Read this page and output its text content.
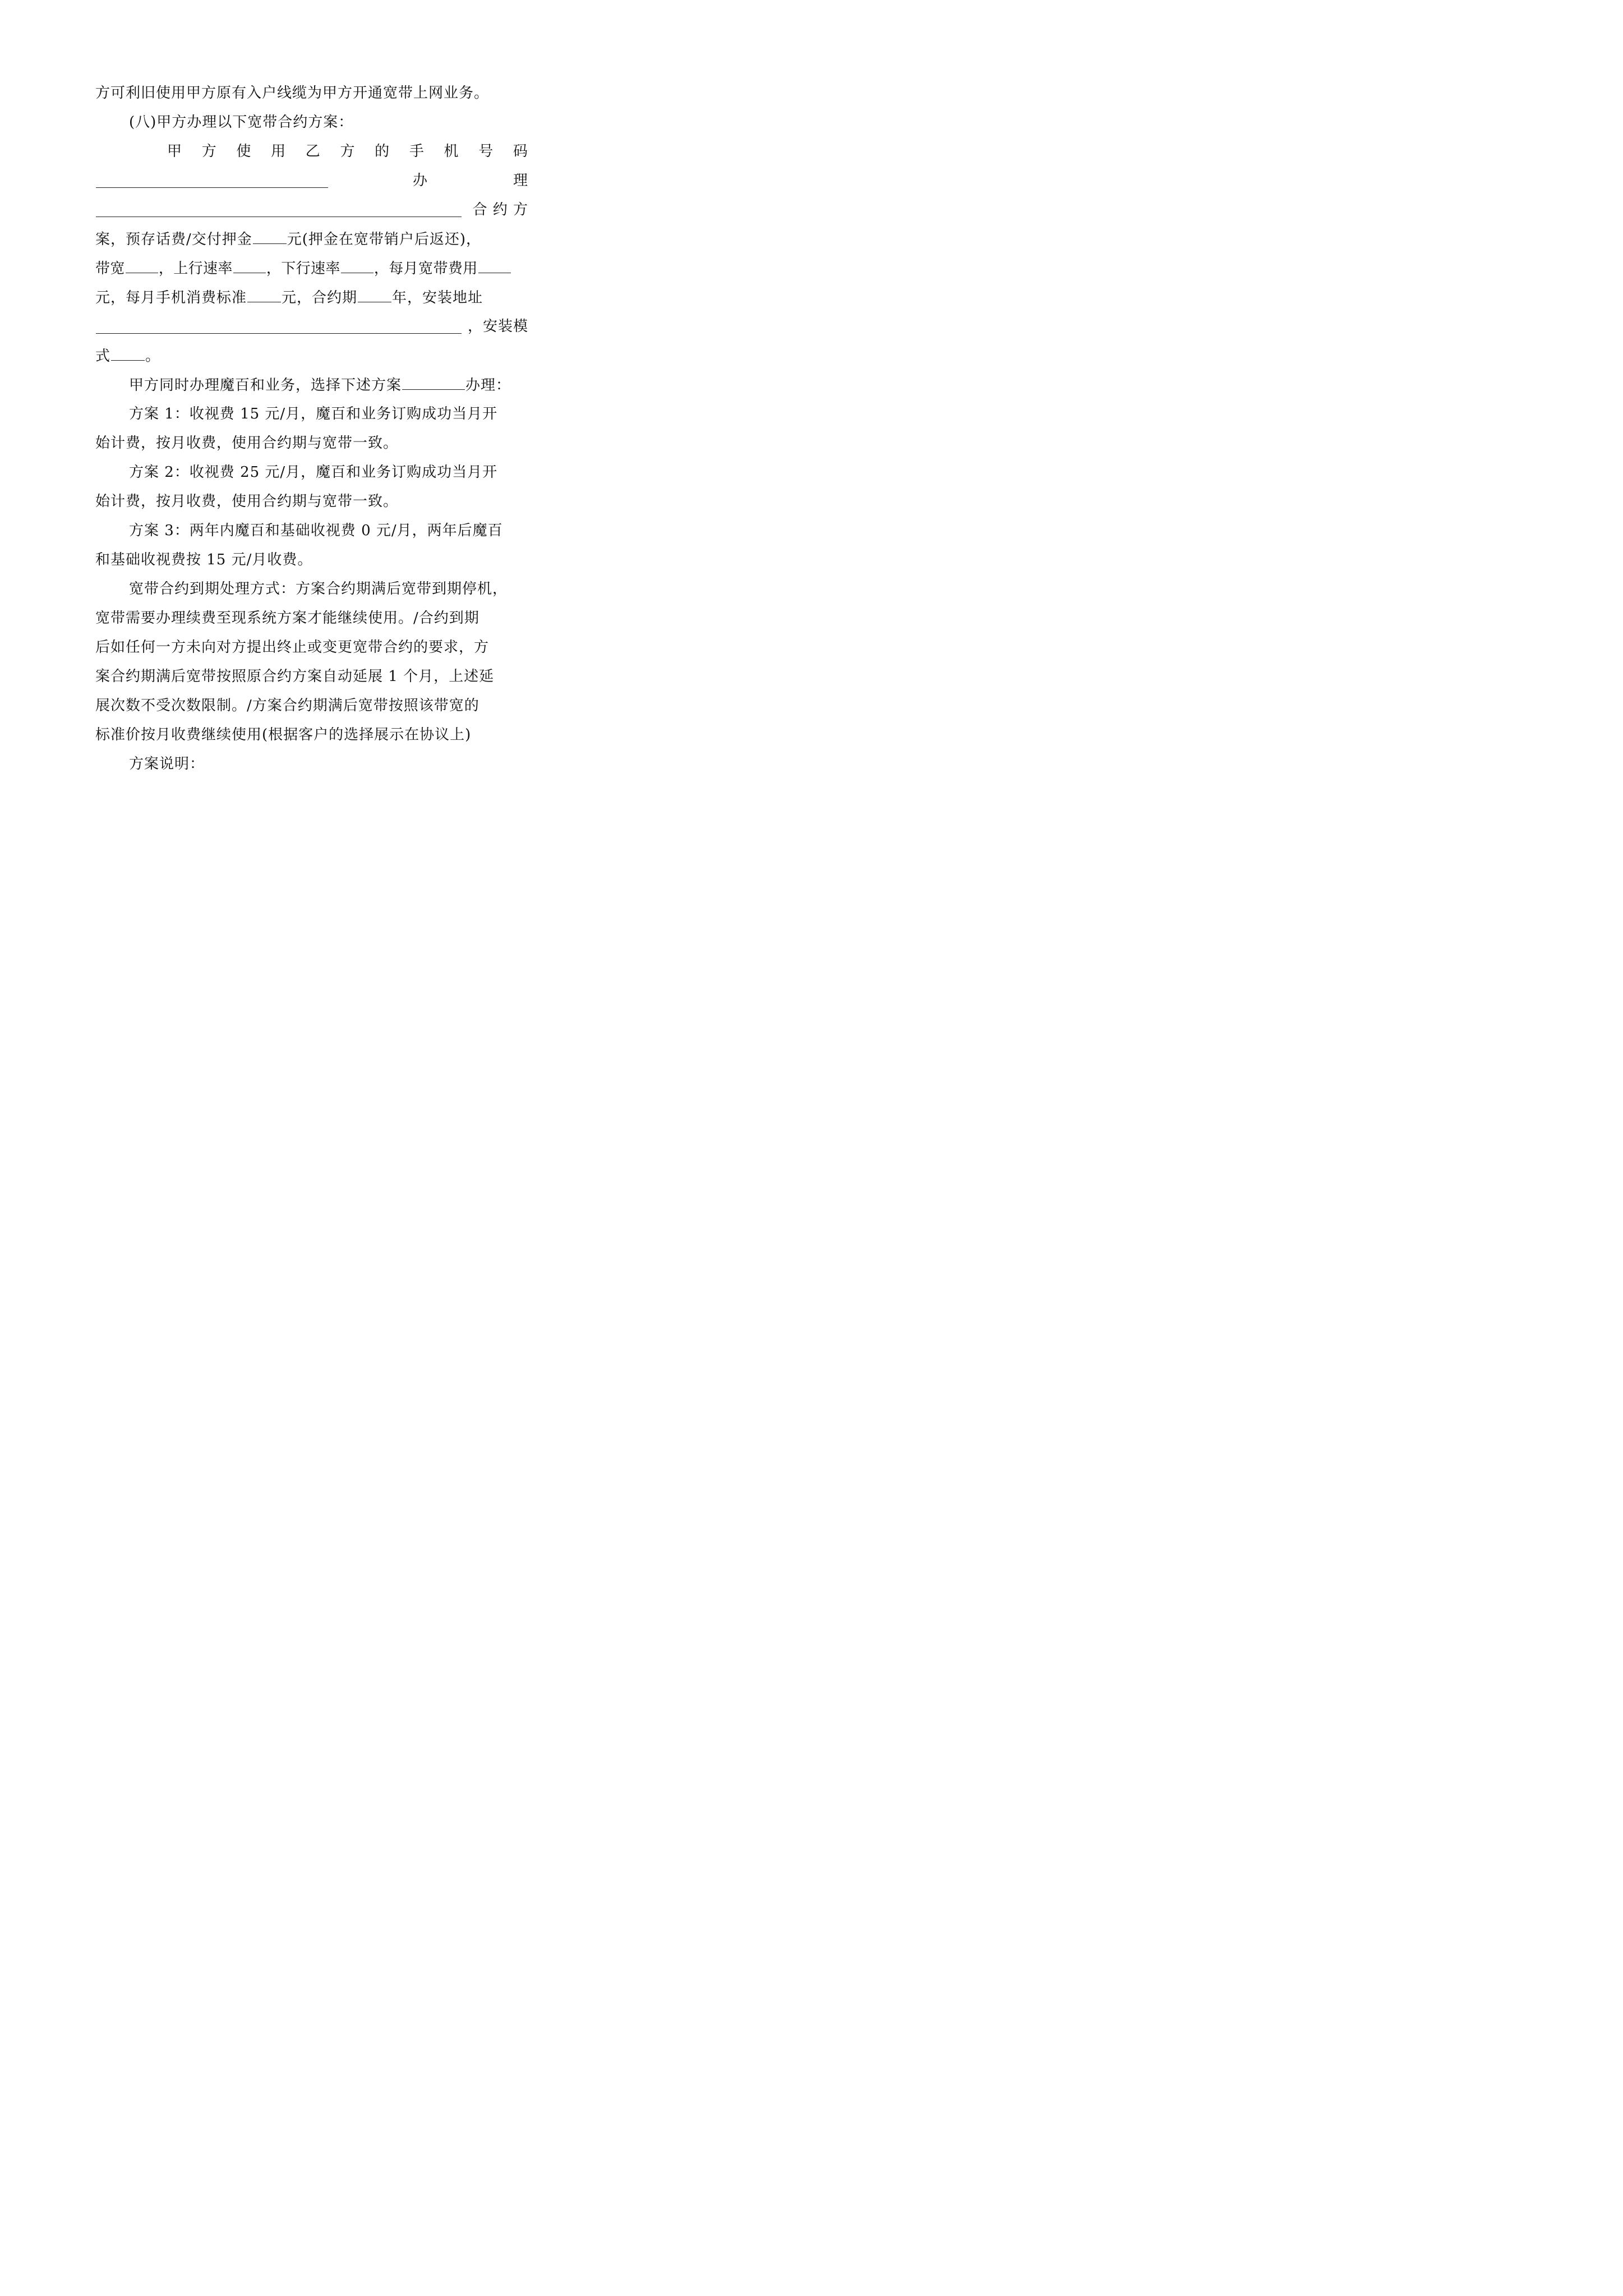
方可利旧使用甲方原有入户线缆为甲方开通宽带上网业务。
(八)甲方办理以下宽带合约方案：
甲 方 使 用 乙 方 的 手 机 号 码
办	理
合 约 方
案，预存话费/交付押金 元(押金在宽带销户后返还)，
带宽 ，上行速率 ，下行速率 ，每月宽带费用
元，每月手机消费标准 元，合约期 年，安装地址
，安装模
式 。
甲方同时办理魔百和业务，选择下述方案	办理：
方案 1：收视费 15 元/月，魔百和业务订购成功当月开
始计费，按月收费，使用合约期与宽带一致。
方案 2：收视费 25 元/月，魔百和业务订购成功当月开
始计费，按月收费，使用合约期与宽带一致。
方案 3：两年内魔百和基础收视费 0 元/月，两年后魔百
和基础收视费按 15 元/月收费。
宽带合约到期处理方式：方案合约期满后宽带到期停机，
宽带需要办理续费至现系统方案才能继续使用。/合约到期
后如任何一方未向对方提出终止或变更宽带合约的要求，方
案合约期满后宽带按照原合约方案自动延展 1 个月，上述延
展次数不受次数限制。/方案合约期满后宽带按照该带宽的
标准价按月收费继续使用(根据客户的选择展示在协议上)
方案说明：
